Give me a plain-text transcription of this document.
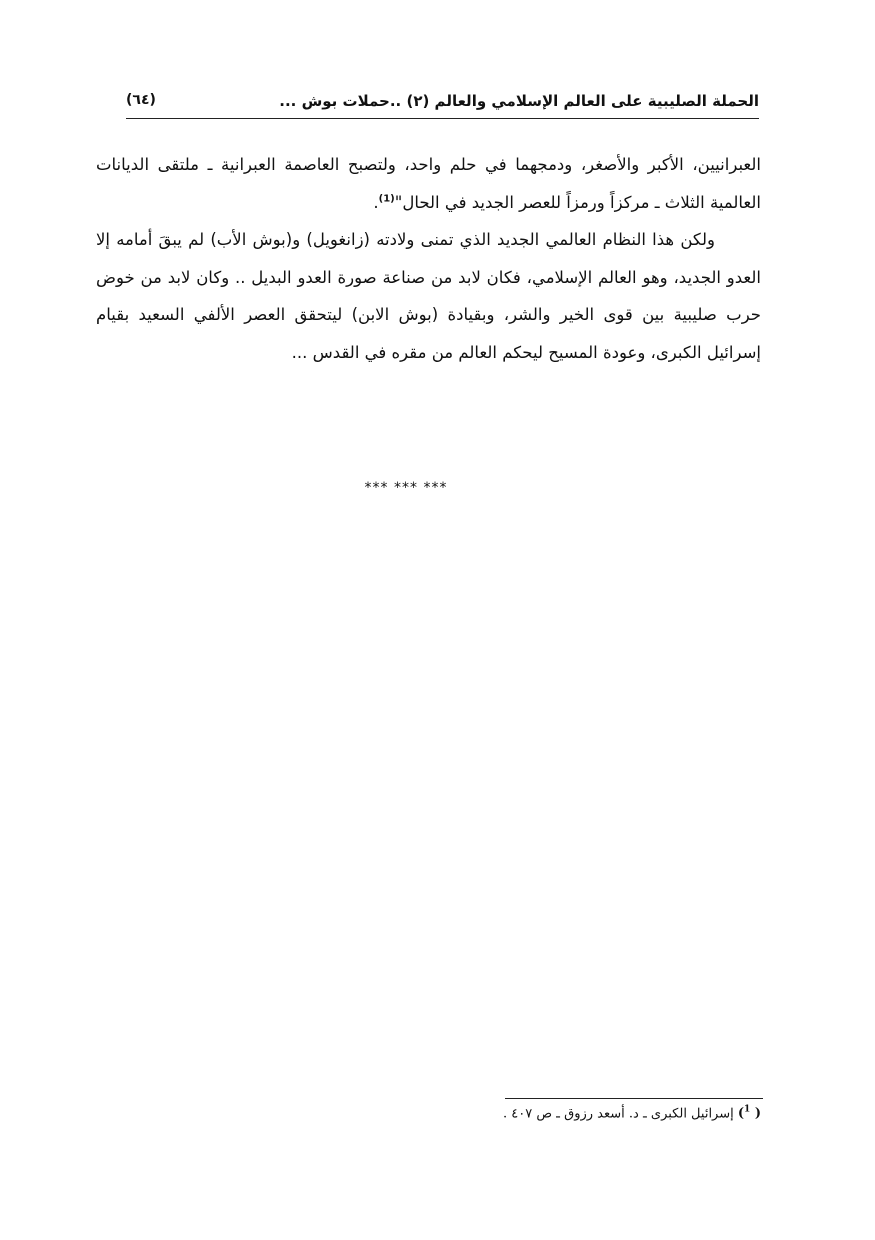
الحملة الصليبية على العالم الإسلامي والعالم (٢) ..حملات بوش ...
(٦٤)

العبرانيين، الأكبر والأصغر، ودمجهما في حلم واحد، ولتصبح العاصمة العبرانية ـ ملتقى الديانات العالمية الثلاث ـ مركزاً ورمزاً للعصر الجديد في الحال"$^{(1)}$.

ولكن هذا النظام العالمي الجديد الذي تمنى ولادته (زانغويل) و(بوش الأب) لم يبقَ أمامه إلا العدو الجديد، وهو العالم الإسلامي، فكان لابد من صناعة صورة العدو البديل .. وكان لابد من خوض حرب صليبية بين قوى الخير والشر، وبقيادة (بوش الابن) ليتحقق العصر الألفي السعيد بقيام إسرائيل الكبرى، وعودة المسيح ليحكم العالم من مقره في القدس ...

*** *** ***
( $^1$) إسرائيل الكبرى ـ د. أسعد رزوق ـ ص ٤٠٧ .
